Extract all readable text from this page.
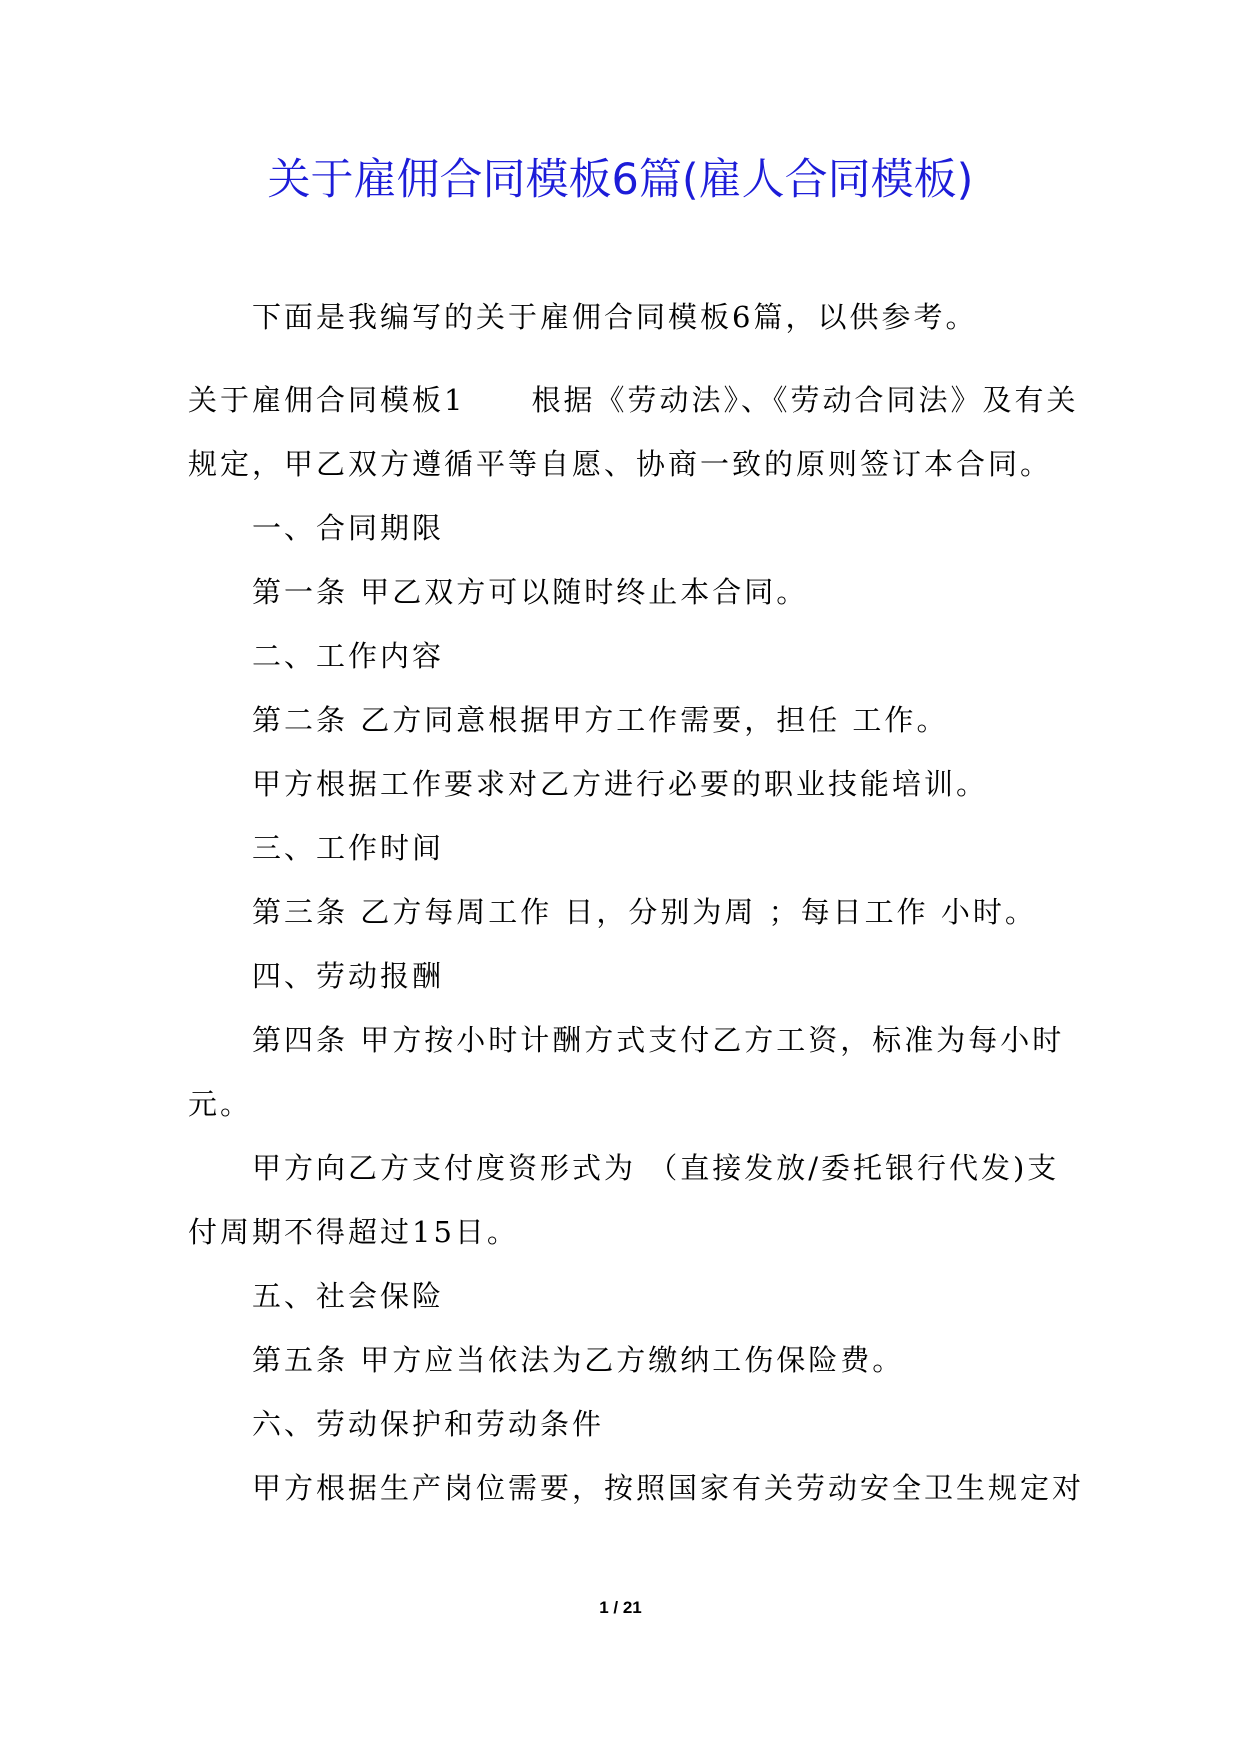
关于雇佣合同模板6篇(雇人合同模板)
下面是我编写的关于雇佣合同模板6篇，以供参考。
关于雇佣合同模板1 根据《劳动法》、《劳动合同法》及有关
规定，甲乙双方遵循平等自愿、协商一致的原则签订本合同。
一、合同期限
第一条 甲乙双方可以随时终止本合同。
二、工作内容
第二条 乙方同意根据甲方工作需要，担任 工作。
甲方根据工作要求对乙方进行必要的职业技能培训。
三、工作时间
第三条 乙方每周工作 日，分别为周 ；每日工作 小时。
四、劳动报酬
第四条 甲方按小时计酬方式支付乙方工资，标准为每小时
元。
甲方向乙方支付度资形式为 （直接发放/委托银行代发)支
付周期不得超过15日。
五、社会保险
第五条 甲方应当依法为乙方缴纳工伤保险费。
六、劳动保护和劳动条件
甲方根据生产岗位需要，按照国家有关劳动安全卫生规定对
1 / 21
